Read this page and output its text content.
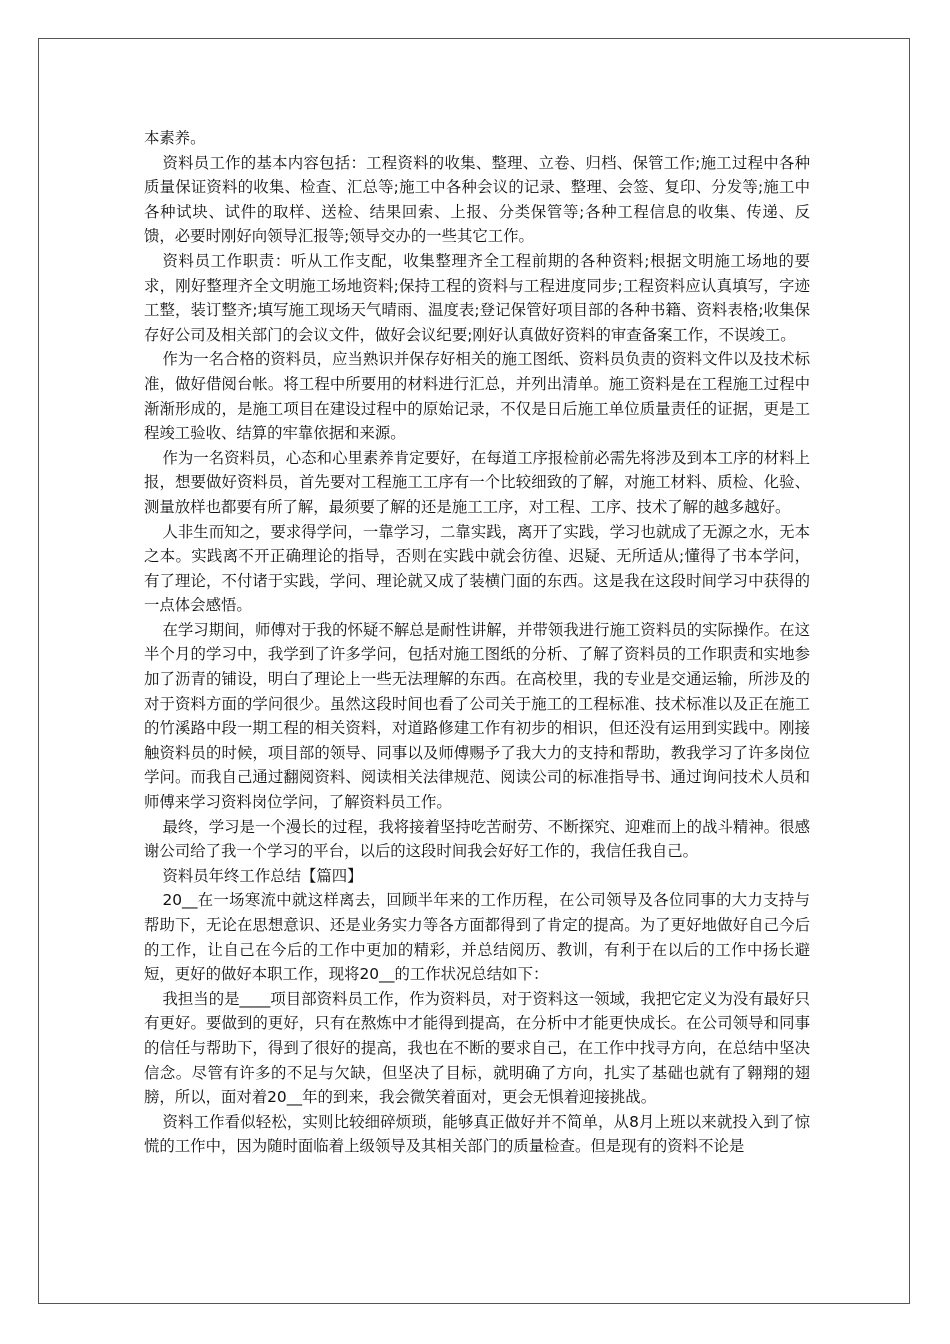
本素养。

资料员工作的基本内容包括：工程资料的收集、整理、立卷、归档、保管工作;施工过程中各种质量保证资料的收集、检查、汇总等;施工中各种会议的记录、整理、会签、复印、分发等;施工中各种试块、试件的取样、送检、结果回索、上报、分类保管等;各种工程信息的收集、传递、反馈，必要时刚好向领导汇报等;领导交办的一些其它工作。

资料员工作职责：听从工作支配，收集整理齐全工程前期的各种资料;根据文明施工场地的要求，刚好整理齐全文明施工场地资料;保持工程的资料与工程进度同步;工程资料应认真填写，字迹工整，装订整齐;填写施工现场天气晴雨、温度表;登记保管好项目部的各种书籍、资料表格;收集保存好公司及相关部门的会议文件，做好会议纪要;刚好认真做好资料的审查备案工作，不误竣工。

作为一名合格的资料员，应当熟识并保存好相关的施工图纸、资料员负责的资料文件以及技术标准，做好借阅台帐。将工程中所要用的材料进行汇总，并列出清单。施工资料是在工程施工过程中渐渐形成的，是施工项目在建设过程中的原始记录，不仅是日后施工单位质量责任的证据，更是工程竣工验收、结算的牢靠依据和来源。

作为一名资料员，心态和心里素养肯定要好，在每道工序报检前必需先将涉及到本工序的材料上报，想要做好资料员，首先要对工程施工工序有一个比较细致的了解，对施工材料、质检、化验、测量放样也都要有所了解，最须要了解的还是施工工序，对工程、工序、技术了解的越多越好。

人非生而知之，要求得学问，一靠学习，二靠实践，离开了实践，学习也就成了无源之水，无本之本。实践离不开正确理论的指导，否则在实践中就会彷徨、迟疑、无所适从;懂得了书本学问，有了理论，不付诸于实践，学问、理论就又成了装横门面的东西。这是我在这段时间学习中获得的一点体会感悟。

在学习期间，师傅对于我的怀疑不解总是耐性讲解，并带领我进行施工资料员的实际操作。在这半个月的学习中，我学到了许多学问，包括对施工图纸的分析、了解了资料员的工作职责和实地参加了沥青的铺设，明白了理论上一些无法理解的东西。在高校里，我的专业是交通运输，所涉及的对于资料方面的学问很少。虽然这段时间也看了公司关于施工的工程标准、技术标准以及正在施工的竹溪路中段一期工程的相关资料，对道路修建工作有初步的相识，但还没有运用到实践中。刚接触资料员的时候，项目部的领导、同事以及师傅赐予了我大力的支持和帮助，教我学习了许多岗位学问。而我自己通过翻阅资料、阅读相关法律规范、阅读公司的标准指导书、通过询问技术人员和师傅来学习资料岗位学问，了解资料员工作。

最终，学习是一个漫长的过程，我将接着坚持吃苦耐劳、不断探究、迎难而上的战斗精神。很感谢公司给了我一个学习的平台，以后的这段时间我会好好工作的，我信任我自己。

资料员年终工作总结【篇四】

20__在一场寒流中就这样离去，回顾半年来的工作历程，在公司领导及各位同事的大力支持与帮助下，无论在思想意识、还是业务实力等各方面都得到了肯定的提高。为了更好地做好自己今后的工作，让自己在今后的工作中更加的精彩，并总结阅历、教训，有利于在以后的工作中扬长避短，更好的做好本职工作，现将20__的工作状况总结如下：

我担当的是____项目部资料员工作，作为资料员，对于资料这一领域，我把它定义为没有最好只有更好。要做到的更好，只有在熬炼中才能得到提高，在分析中才能更快成长。在公司领导和同事的信任与帮助下，得到了很好的提高，我也在不断的要求自己，在工作中找寻方向，在总结中坚决信念。尽管有许多的不足与欠缺，但坚决了目标，就明确了方向，扎实了基础也就有了翱翔的翅膀，所以，面对着20__年的到来，我会微笑着面对，更会无惧着迎接挑战。

资料工作看似轻松，实则比较细碎烦琐，能够真正做好并不简单，从8月上班以来就投入到了惊慌的工作中，因为随时面临着上级领导及其相关部门的质量检查。但是现有的资料不论是
